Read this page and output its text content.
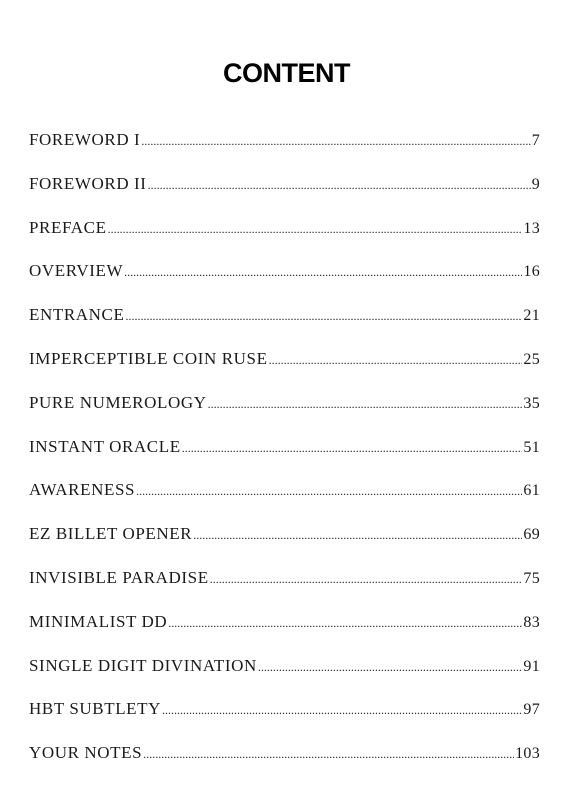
CONTENT
FOREWORD I .....	7
FOREWORD II .....	9
PREFACE .....	13
OVERVIEW .....	16
ENTRANCE .....	21
IMPERCEPTIBLE COIN RUSE .....	25
PURE NUMEROLOGY .....	35
INSTANT ORACLE .....	51
AWARENESS .....	61
EZ BILLET OPENER .....	69
INVISIBLE PARADISE .....	75
MINIMALIST DD .....	83
SINGLE DIGIT DIVINATION .....	91
HBT SUBTLETY .....	97
YOUR NOTES .....	103
